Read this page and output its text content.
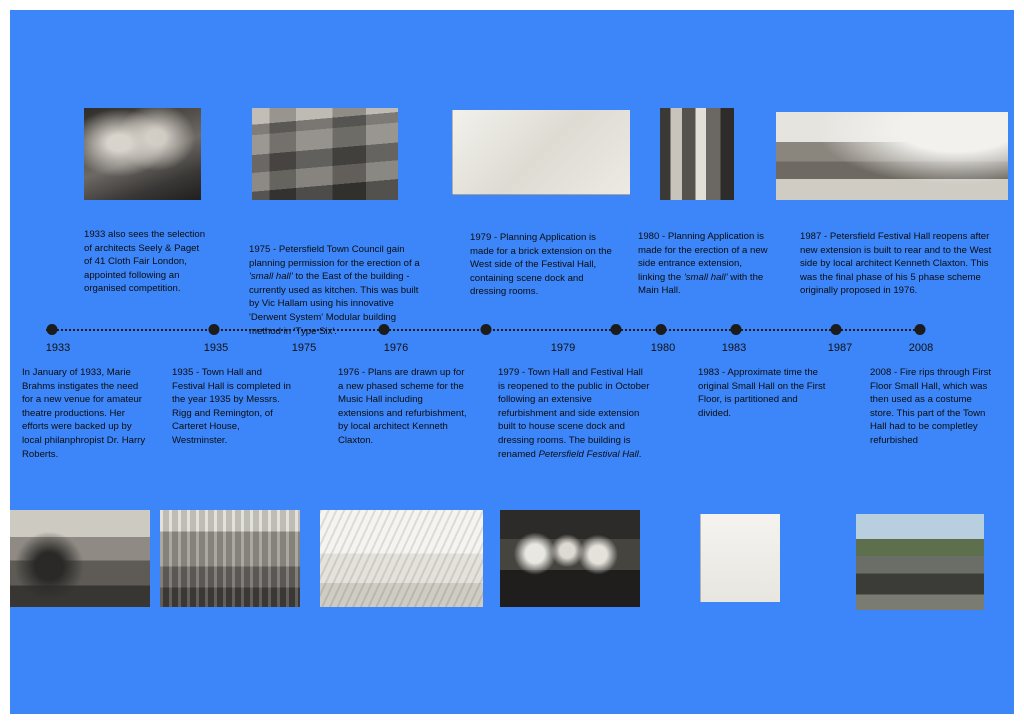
1933 also sees the selection of architects Seely & Paget of 41 Cloth Fair London, appointed following an organised competition.
1975 - Petersfield Town Council gain planning permission for the erection of a 'small hall' to the East of the building - currently used as kitchen. This was built by Vic Hallam using his innovative 'Derwent System' Modular building method in 'Type Six'.
1979 - Planning Application is made for a brick extension on the West side of the Festival Hall, containing scene dock and dressing rooms.
1980 - Planning Application is made for the erection of a new side entrance extension, linking the 'small hall' with the Main Hall.
1987 - Petersfield Festival Hall reopens after new extension is built to rear and to the West side by local architect Kenneth Claxton. This was the final phase of his 5 phase scheme originally proposed in 1976.
1933	1935	1975	1976	1979	1980	1983	1987	2008
In January of 1933, Marie Brahms instigates the need for a new venue for amateur theatre productions. Her efforts were backed up by local philanphropist Dr. Harry Roberts.
1935 - Town Hall and Festival Hall is completed in the year 1935 by Messrs. Rigg and Remington, of Carteret House, Westminster.
1976 - Plans are drawn up for a new phased scheme for the Music Hall including extensions and refurbishment, by local architect Kenneth Claxton.
1979 - Town Hall and Festival Hall is reopened to the public in October following an extensive refurbishment and side extension built to house scene dock and dressing rooms. The building is renamed Petersfield Festival Hall.
1983 - Approximate time the original Small Hall on the First Floor, is partitioned and divided.
2008 - Fire rips through First Floor Small Hall, which was then used as a costume store. This part of the Town Hall had to be completley refurbished
